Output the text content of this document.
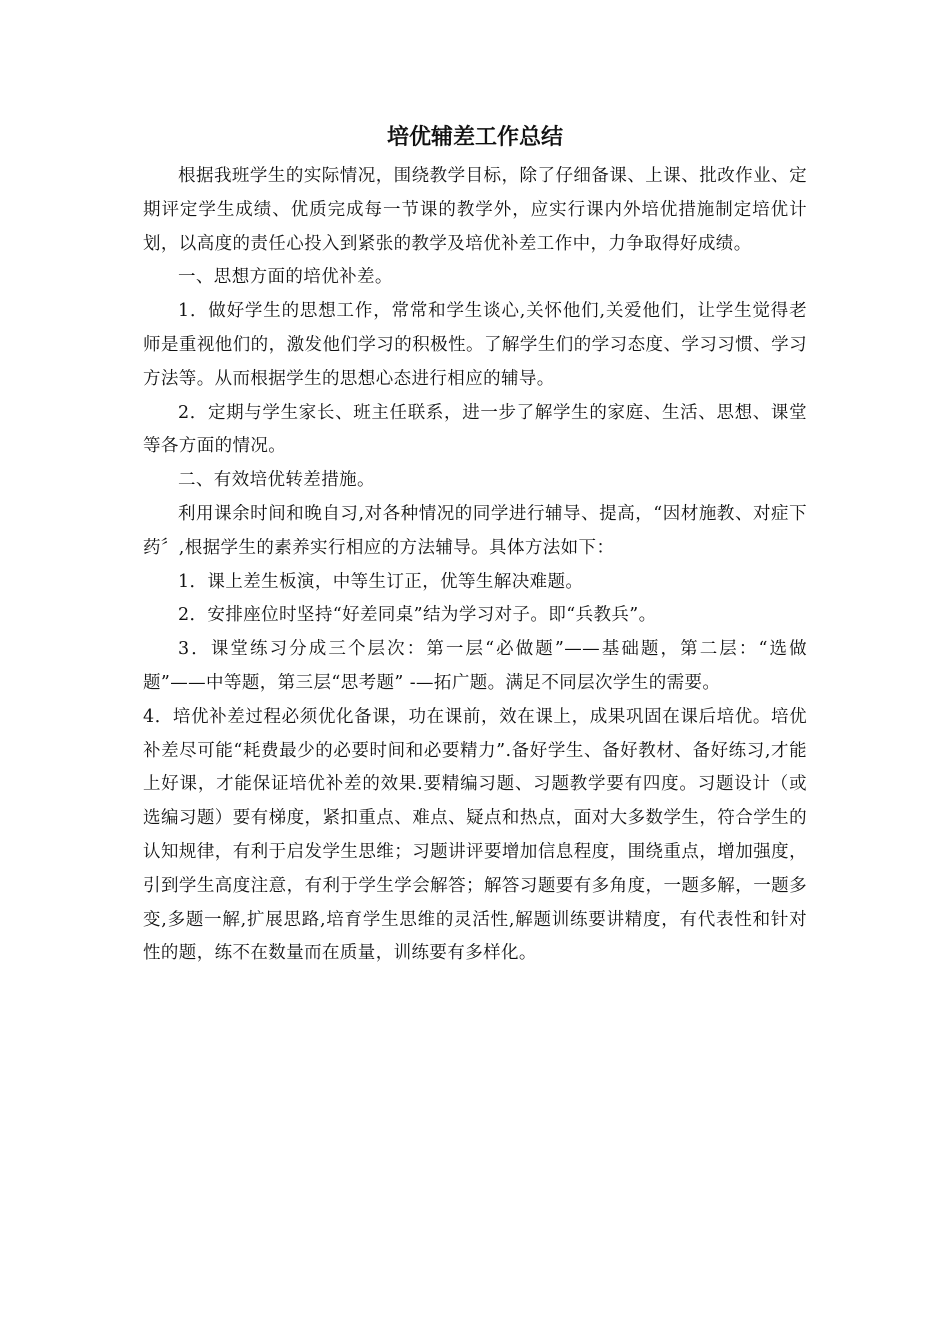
培优辅差工作总结

根据我班学生的实际情况，围绕教学目标，除了仔细备课、上课、批改作业、定期评定学生成绩、优质完成每一节课的教学外，应实行课内外培优措施制定培优计划，以高度的责任心投入到紧张的教学及培优补差工作中，力争取得好成绩。

一、思想方面的培优补差。

1．做好学生的思想工作，常常和学生谈心,关怀他们,关爱他们，让学生觉得老师是重视他们的，激发他们学习的积极性。了解学生们的学习态度、学习习惯、学习方法等。从而根据学生的思想心态进行相应的辅导。

2．定期与学生家长、班主任联系，进一步了解学生的家庭、生活、思想、课堂等各方面的情况。

二、有效培优转差措施。

利用课余时间和晚自习,对各种情况的同学进行辅导、提高，“因材施教、对症下药〞,根据学生的素养实行相应的方法辅导。具体方法如下：

1．课上差生板演，中等生订正，优等生解决难题。

2．安排座位时坚持“好差同桌”结为学习对子。即“兵教兵”。

3．课堂练习分成三个层次：第一层“必做题”——基础题，第二层：“选做题”——中等题，第三层“思考题” -—拓广题。满足不同层次学生的需要。

4．培优补差过程必须优化备课，功在课前，效在课上，成果巩固在课后培优。培优补差尽可能“耗费最少的必要时间和必要精力”.备好学生、备好教材、备好练习,才能上好课，才能保证培优补差的效果.要精编习题、习题教学要有四度。习题设计（或选编习题）要有梯度，紧扣重点、难点、疑点和热点，面对大多数学生，符合学生的认知规律，有利于启发学生思维；习题讲评要增加信息程度，围绕重点，增加强度，引到学生高度注意，有利于学生学会解答；解答习题要有多角度，一题多解，一题多变,多题一解,扩展思路,培育学生思维的灵活性,解题训练要讲精度，有代表性和针对性的题，练不在数量而在质量，训练要有多样化。
